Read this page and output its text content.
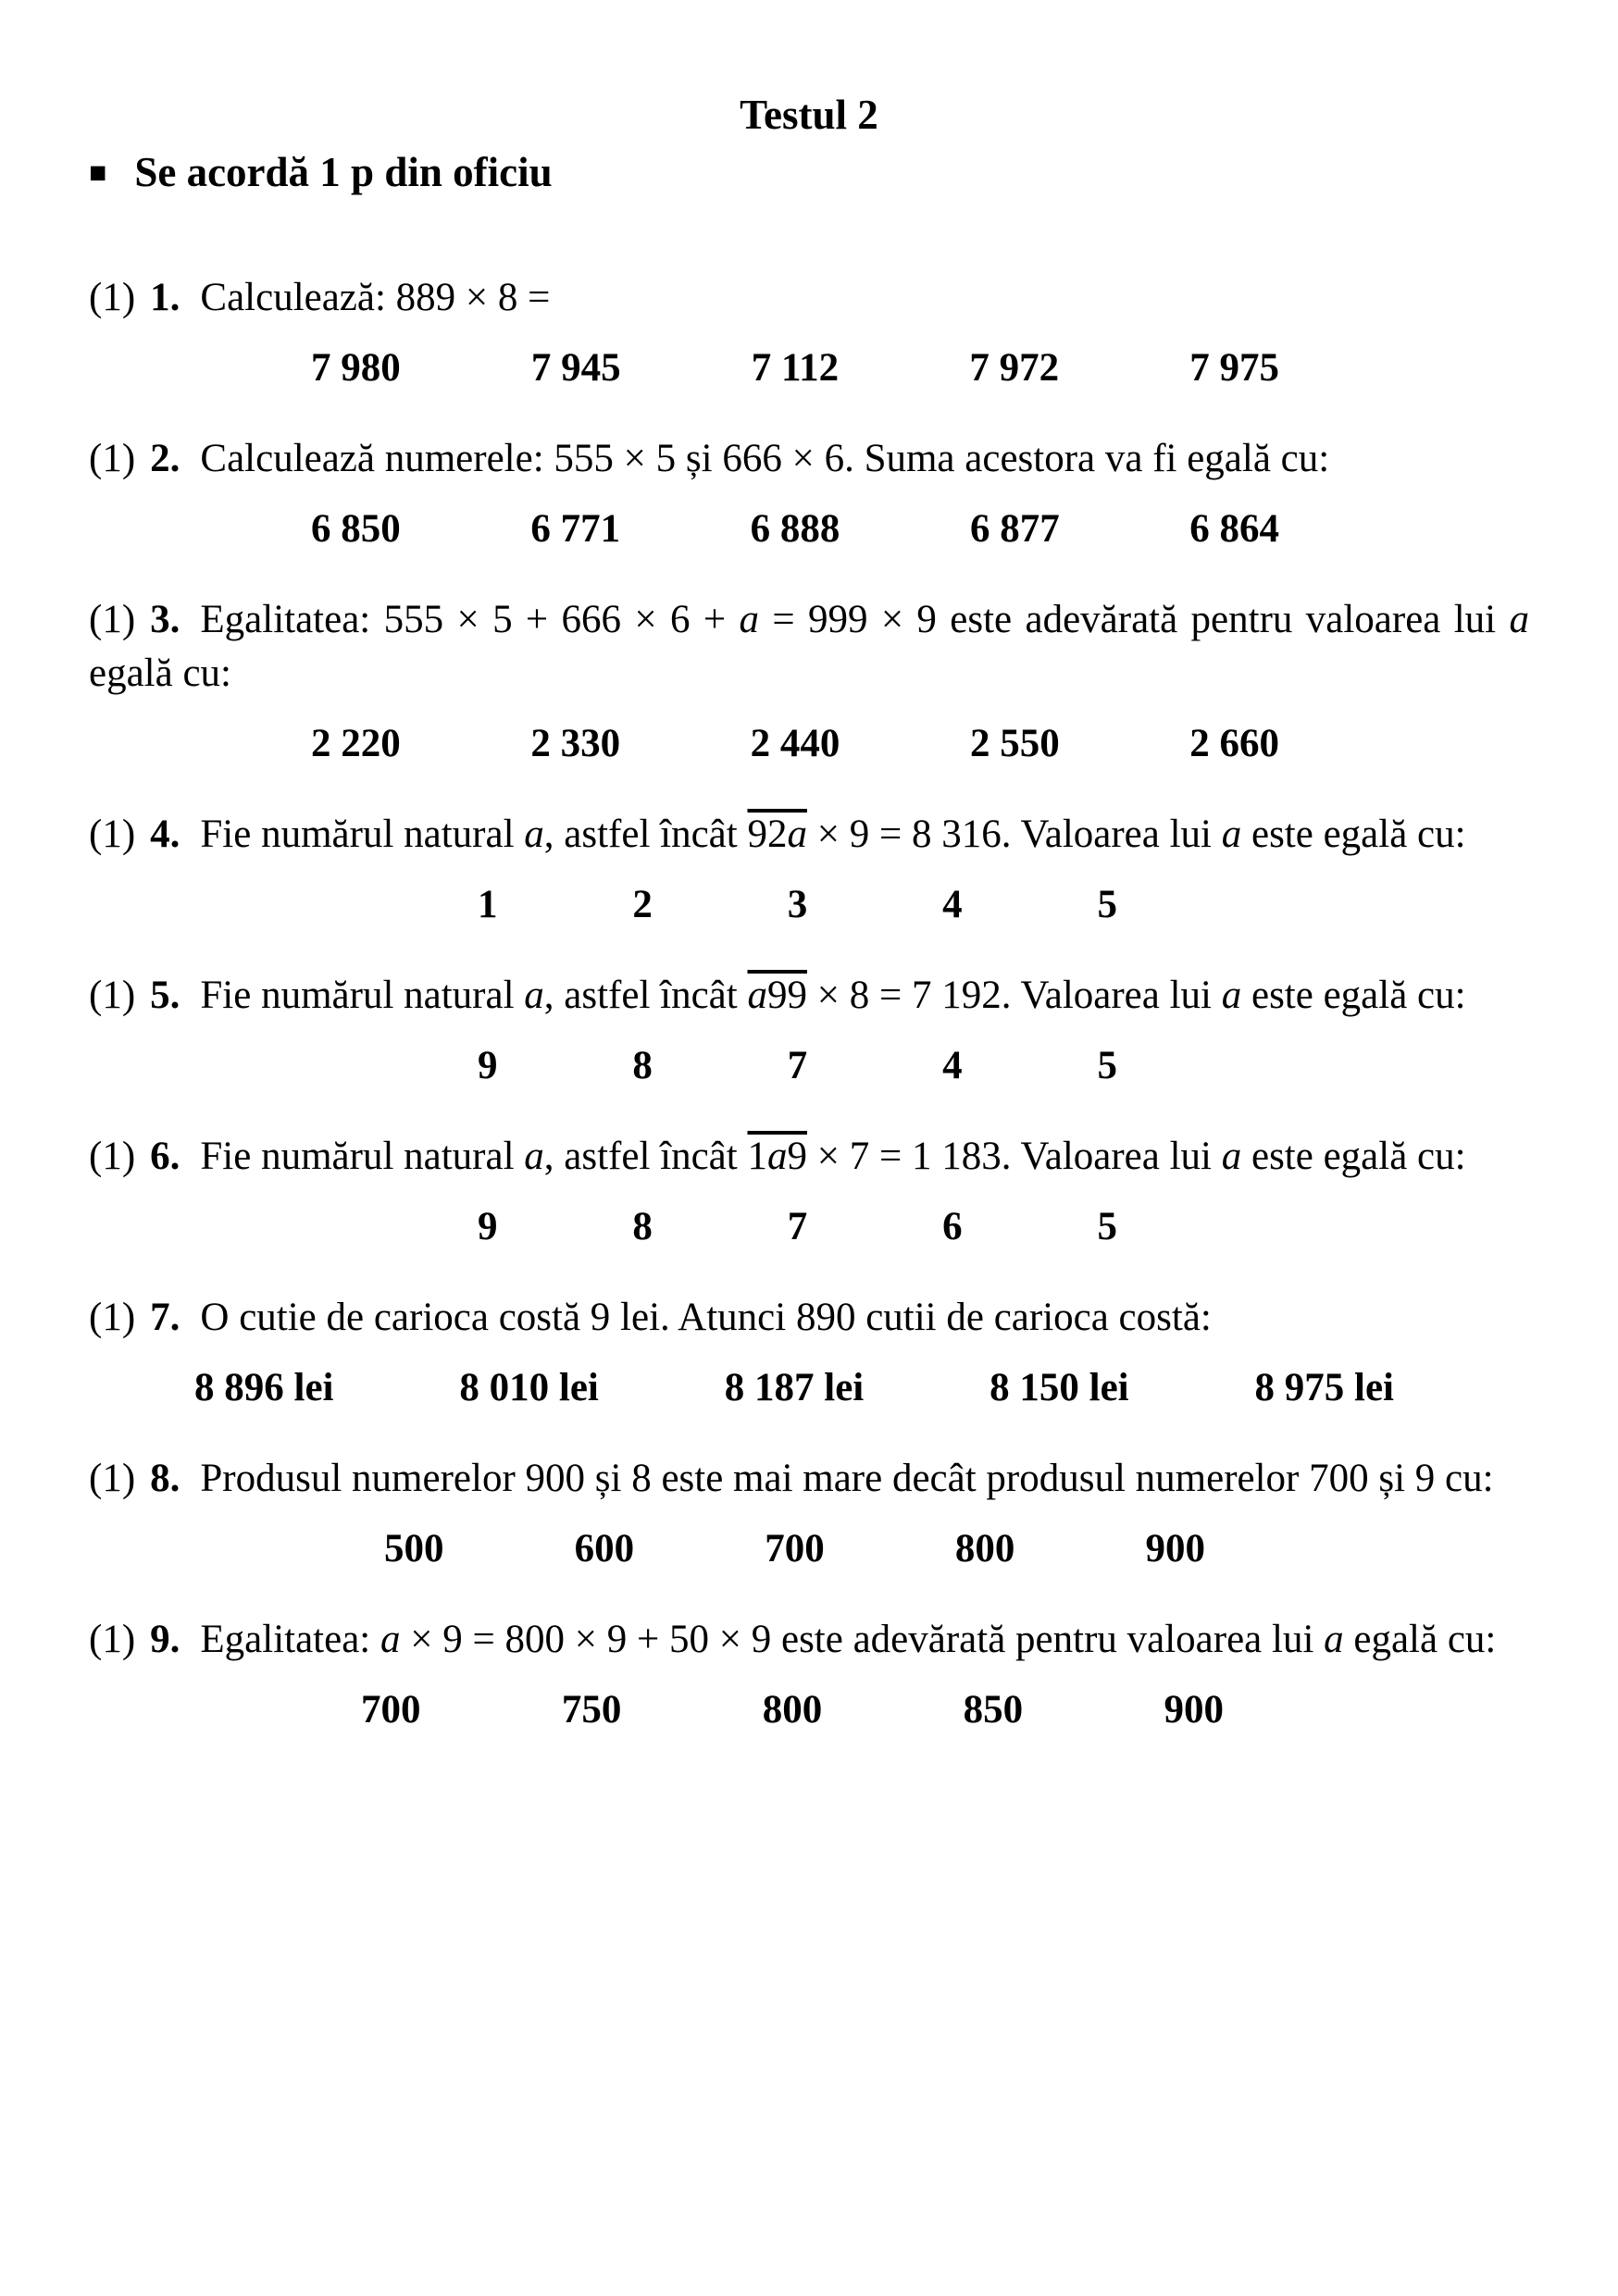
Testul 2

■ Se acordă 1 p din oficiu

(1) 1. Calculează: 889 × 8 =

7 980	7 945	7 112	7 972	7 975

(1) 2. Calculează numerele: 555 × 5 și 666 × 6. Suma acestora va fi egală cu:

6 850	6 771	6 888	6 877	6 864

(1) 3. Egalitatea: 555 × 5 + 666 × 6 + a = 999 × 9 este adevărată pentru valoarea lui a egală cu:

2 220	2 330	2 440	2 550	2 660

(1) 4. Fie numărul natural a, astfel încât $92\overline{a} \times 9 = 8$ 316. Valoarea lui a este egală cu:

1	2	3	4	5

(1) 5. Fie numărul natural a, astfel încât $\overline{a}99 \times 8 = 7$ 192. Valoarea lui a este egală cu:

9	8	7	4	5

(1) 6. Fie numărul natural a, astfel încât $1\overline{a}9 \times 7 = 1$ 183. Valoarea lui a este egală cu:

9	8	7	6	5

(1) 7. O cutie de carioca costă 9 lei. Atunci 890 cutii de carioca costă:

8 896 lei	8 010 lei	8 187 lei	8 150 lei	8 975 lei

(1) 8. Produsul numerelor 900 și 8 este mai mare decât produsul numerelor 700 și 9 cu:

500	600	700	800	900

(1) 9. Egalitatea: a × 9 = 800 × 9 + 50 × 9 este adevărată pentru valoarea lui a egală cu:

700	750	800	850	900
